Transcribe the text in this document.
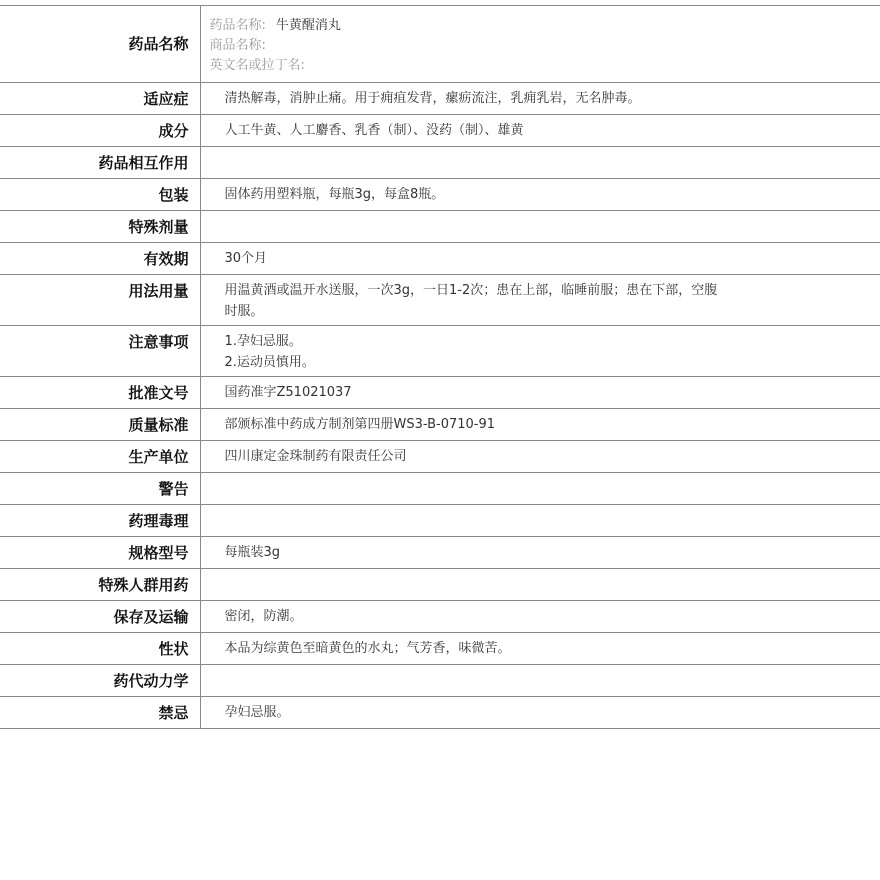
药品名称	药品名称: 牛黄醒消丸
商品名称:
英文名或拉丁名:

适应症	清热解毒，消肿止痛。用于痈疽发背，瘰疬流注，乳痈乳岩，无名肿毒。

成分	人工牛黄、人工麝香、乳香（制）、没药（制）、雄黄

药品相互作用	
包装	固体药用塑料瓶，每瓶3g，每盒8瓶。

特殊剂量	
有效期	30个月

用法用量	用温黄酒或温开水送服，一次3g，一日1-2次；患在上部，临睡前服；患在下部，空腹
时服。

注意事项	1.孕妇忌服。
2.运动员慎用。

批准文号	国药准字Z51021037

质量标准	部颁标准中药成方制剂第四册WS3-B-0710-91

生产单位	四川康定金珠制药有限责任公司

警告	
药理毒理	
规格型号	每瓶装3g

特殊人群用药	
保存及运输	密闭，防潮。

性状	本品为综黄色至暗黄色的水丸；气芳香，味微苦。

药代动力学	
禁忌	孕妇忌服。
